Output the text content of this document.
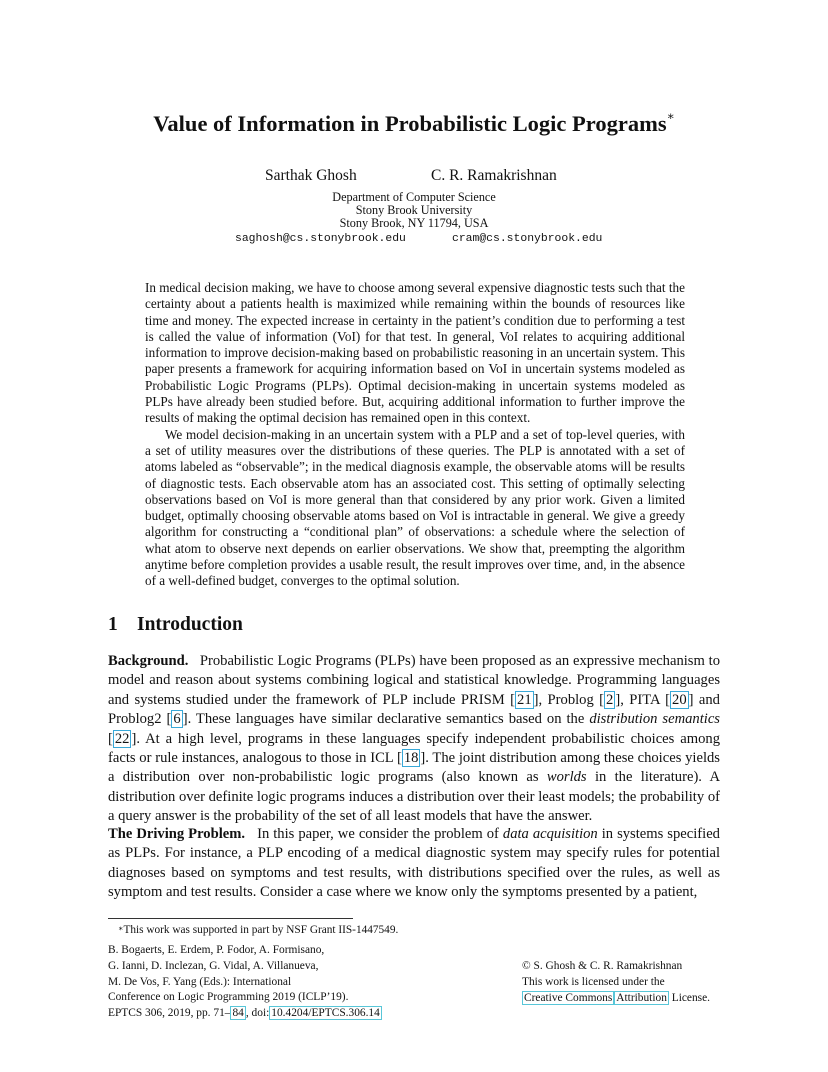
Value of Information in Probabilistic Logic Programs∗
Sarthak Ghosh	C. R. Ramakrishnan
Department of Computer Science
Stony Brook University
Stony Brook, NY 11794, USA
saghosh@cs.stonybrook.edu	cram@cs.stonybrook.edu

In medical decision making, we have to choose among several expensive diagnostic tests such that the certainty about a patients health is maximized while remaining within the bounds of resources like time and money. The expected increase in certainty in the patient’s condition due to performing a test is called the value of information (VoI) for that test. In general, VoI relates to acquiring additional information to improve decision-making based on probabilistic reasoning in an uncertain system. This paper presents a framework for acquiring information based on VoI in uncertain systems modeled as Probabilistic Logic Programs (PLPs). Optimal decision-making in uncertain systems modeled as PLPs have already been studied before. But, acquiring additional information to further improve the results of making the optimal decision has remained open in this context.

We model decision-making in an uncertain system with a PLP and a set of top-level queries, with a set of utility measures over the distributions of these queries. The PLP is annotated with a set of atoms labeled as “observable”; in the medical diagnosis example, the observable atoms will be results of diagnostic tests. Each observable atom has an associated cost. This setting of optimally selecting observations based on VoI is more general than that considered by any prior work. Given a limited budget, optimally choosing observable atoms based on VoI is intractable in general. We give a greedy algorithm for constructing a “conditional plan” of observations: a schedule where the selection of what atom to observe next depends on earlier observations. We show that, preempting the algorithm anytime before completion provides a usable result, the result improves over time, and, in the absence of a well-defined budget, converges to the optimal solution.

1 Introduction

Background. Probabilistic Logic Programs (PLPs) have been proposed as an expressive mechanism to model and reason about systems combining logical and statistical knowledge. Programming languages and systems studied under the framework of PLP include PRISM [ 21 ], Problog [ 2 ], PITA [ 20 ] and Problog2 [ 6 ]. These languages have similar declarative semantics based on the distribution semantics [ 22 ]. At a high level, programs in these languages specify independent probabilistic choices among facts or rule instances, analogous to those in ICL [ 18 ]. The joint distribution among these choices yields a distribution over non-probabilistic logic programs (also known as worlds in the literature). A distribution over definite logic programs induces a distribution over their least models; the probability of a query answer is the probability of the set of all least models that have the answer.

The Driving Problem. In this paper, we consider the problem of data acquisition in systems specified as PLPs. For instance, a PLP encoding of a medical diagnostic system may specify rules for potential diagnoses based on symptoms and test results, with distributions specified over the rules, as well as symptom and test results. Consider a case where we know only the symptoms presented by a patient,

∗This work was supported in part by NSF Grant IIS-1447549.
B. Bogaerts, E. Erdem, P. Fodor, A. Formisano,
G. Ianni, D. Inclezan, G. Vidal, A. Villanueva,
M. De Vos, F. Yang (Eds.): International
Conference on Logic Programming 2019 (ICLP’19).
EPTCS 306, 2019, pp. 71– 84 , doi: 10.4204/EPTCS.306.14
© S. Ghosh & C. R. Ramakrishnan
This work is licensed under the
Creative Commons Attribution License.
